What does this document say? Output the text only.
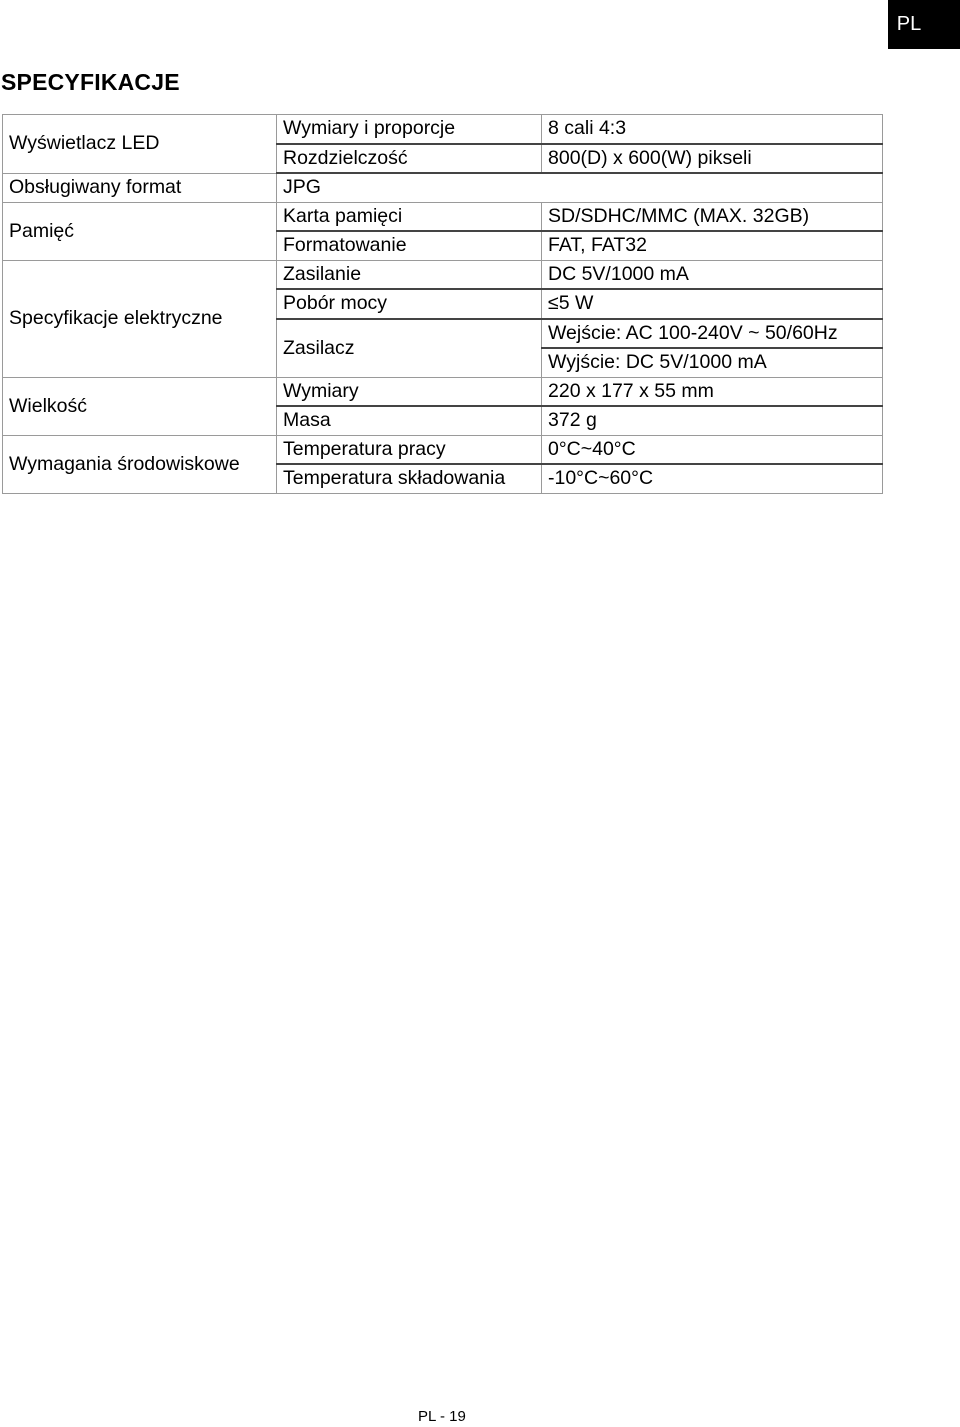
PL
SPECYFIKACJE
Wyświetlacz LED	Wymiary i proporcje	8 cali 4:3
	Rozdzielczość	800(D) x 600(W) pikseli
Obsługiwany format	JPG	
Pamięć	Karta pamięci	SD/SDHC/MMC (MAX. 32GB)
	Formatowanie	FAT, FAT32
Specyfikacje elektryczne	Zasilanie	DC 5V/1000 mA
	Pobór mocy	≤5 W
	Zasilacz	Wejście: AC 100-240V ~ 50/60Hz
		Wyjście: DC 5V/1000 mA
Wielkość	Wymiary	220 x 177 x 55 mm
	Masa	372 g
Wymagania środowiskowe	Temperatura pracy	0°C~40°C
	Temperatura składowania	-10°C~60°C
PL - 19
